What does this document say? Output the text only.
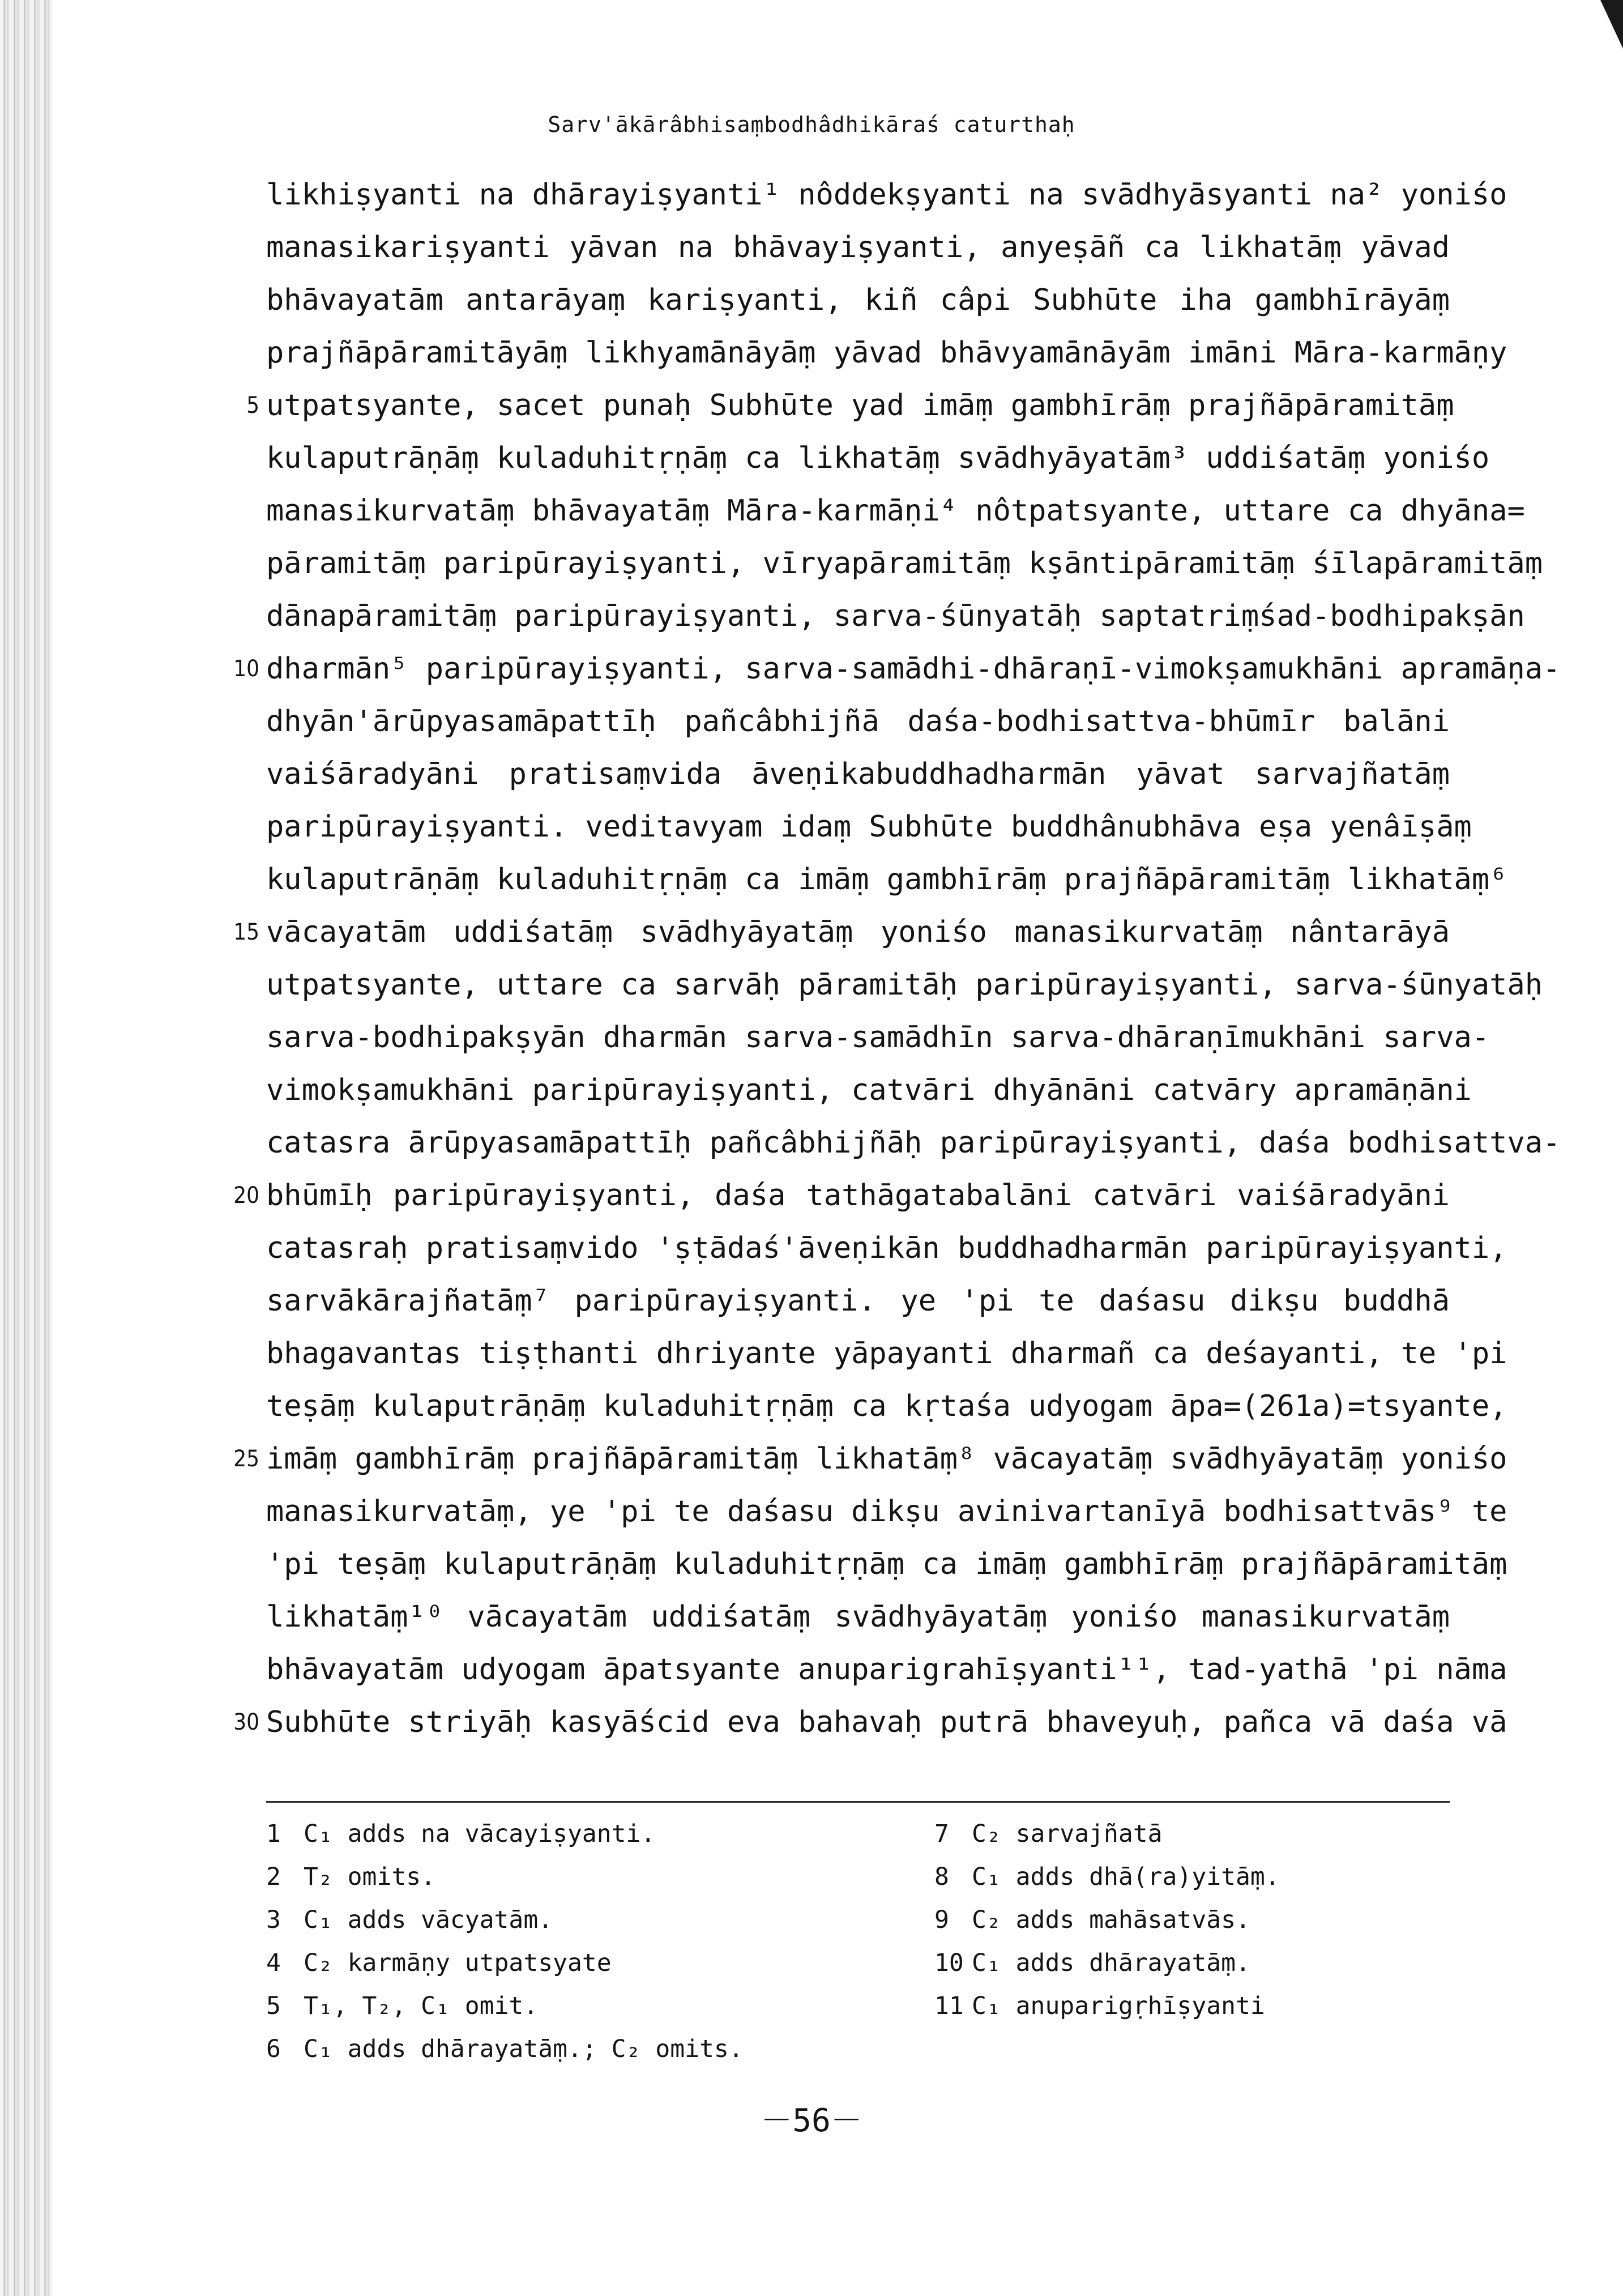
Sarv'ākārâbhisaṃbodhâdhikāraś caturthaḥ
likhiṣyanti na dhārayiṣyanti¹ nôddekṣyanti na svādhyāsyanti na² yoniśo
manasikariṣyanti yāvan na bhāvayiṣyanti, anyeṣāñ ca likhatāṃ yāvad
bhāvayatām antarāyaṃ kariṣyanti, kiñ câpi Subhūte iha gambhīrāyāṃ
prajñāpāramitāyāṃ likhyamānāyāṃ yāvad bhāvyamānāyām imāni Māra-karmāṇy
5 utpatsyante, sacet punaḥ Subhūte yad imāṃ gambhīrāṃ prajñāpāramitāṃ
kulaputrāṇāṃ kuladuhitṛṇāṃ ca likhatāṃ svādhyāyatām³ uddiśatāṃ yoniśo
manasikurvatāṃ bhāvayatāṃ Māra-karmāṇi⁴ nôtpatsyante, uttare ca dhyāna=
pāramitāṃ paripūrayiṣyanti, vīryapāramitāṃ kṣāntipāramitāṃ śīlapāramitāṃ
dānapāramitāṃ paripūrayiṣyanti, sarva-śūnyatāḥ saptatriṃśad-bodhipakṣān
10 dharmān⁵ paripūrayiṣyanti, sarva-samādhi-dhāraṇī-vimokṣamukhāni apramāṇa-
dhyān'ārūpyasamāpattīḥ pañcâbhijñā daśa-bodhisattva-bhūmīr balāni
vaiśāradyāni pratisaṃvida āveṇikabuddhadharmān yāvat sarvajñatāṃ
paripūrayiṣyanti. veditavyam idaṃ Subhūte buddhânubhāva eṣa yenâīṣāṃ
kulaputrāṇāṃ kuladuhitṛṇāṃ ca imāṃ gambhīrāṃ prajñāpāramitāṃ likhatāṃ⁶
15 vācayatām uddiśatāṃ svādhyāyatāṃ yoniśo manasikurvatāṃ nântarāyā
utpatsyante, uttare ca sarvāḥ pāramitāḥ paripūrayiṣyanti, sarva-śūnyatāḥ
sarva-bodhipakṣyān dharmān sarva-samādhīn sarva-dhāraṇīmukhāni sarva-
vimokṣamukhāni paripūrayiṣyanti, catvāri dhyānāni catvāry apramāṇāni
catasra ārūpyasamāpattīḥ pañcâbhijñāḥ paripūrayiṣyanti, daśa bodhisattva-
20 bhūmīḥ paripūrayiṣyanti, daśa tathāgatabalāni catvāri vaiśāradyāni
catasraḥ pratisaṃvido 'ṣṭādaś'āveṇikān buddhadharmān paripūrayiṣyanti,
sarvākārajñatāṃ⁷ paripūrayiṣyanti. ye 'pi te daśasu dikṣu buddhā
bhagavantas tiṣṭhanti dhriyante yāpayanti dharmañ ca deśayanti, te 'pi
teṣāṃ kulaputrāṇāṃ kuladuhitṛṇāṃ ca kṛtaśa udyogam āpa=(261a)=tsyante,
25 imāṃ gambhīrāṃ prajñāpāramitāṃ likhatāṃ⁸ vācayatāṃ svādhyāyatāṃ yoniśo
manasikurvatāṃ, ye 'pi te daśasu dikṣu avinivartanīyā bodhisattvās⁹ te
'pi teṣāṃ kulaputrāṇāṃ kuladuhitṛṇāṃ ca imāṃ gambhīrāṃ prajñāpāramitāṃ
likhatāṃ¹⁰ vācayatām uddiśatāṃ svādhyāyatāṃ yoniśo manasikurvatāṃ
bhāvayatām udyogam āpatsyante anuparigrahīṣyanti¹¹, tad-yathā 'pi nāma
30 Subhūte striyāḥ kasyāścid eva bahavaḥ putrā bhaveyuḥ, pañca vā daśa vā
1 C₁ adds na vācayiṣyanti.
2 T₂ omits.
3 C₁ adds vācyatām.
4 C₂ karmāṇy utpatsyate
5 T₁, T₂, C₁ omit.
6 C₁ adds dhārayatāṃ.; C₂ omits.
7 C₂ sarvajñatā
8 C₁ adds dhā(ra)yitāṃ.
9 C₂ adds mahāsatvās.
10 C₁ adds dhārayatāṃ.
11 C₁ anuparigṛhīṣyanti
－56－
